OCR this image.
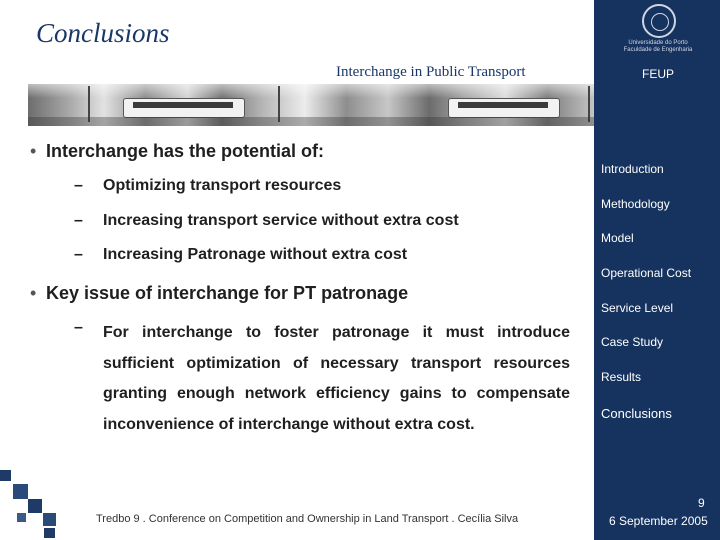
Conclusions
Interchange in Public Transport
Universidade do Porto Faculdade de Engenharia
FEUP
Introduction
Methodology
Model
Operational Cost
Service Level
Case Study
Results
Conclusions
• Interchange has the potential of:
– Optimizing transport resources
– Increasing transport service without extra cost
– Increasing Patronage without extra cost
• Key issue of interchange for PT patronage
– For interchange to foster patronage it must introduce sufficient optimization of necessary transport resources granting enough network efficiency gains to compensate inconvenience of interchange without extra cost.
Tredbo 9 . Conference on Competition and Ownership in Land Transport . Cecília Silva
9
6 September 2005
